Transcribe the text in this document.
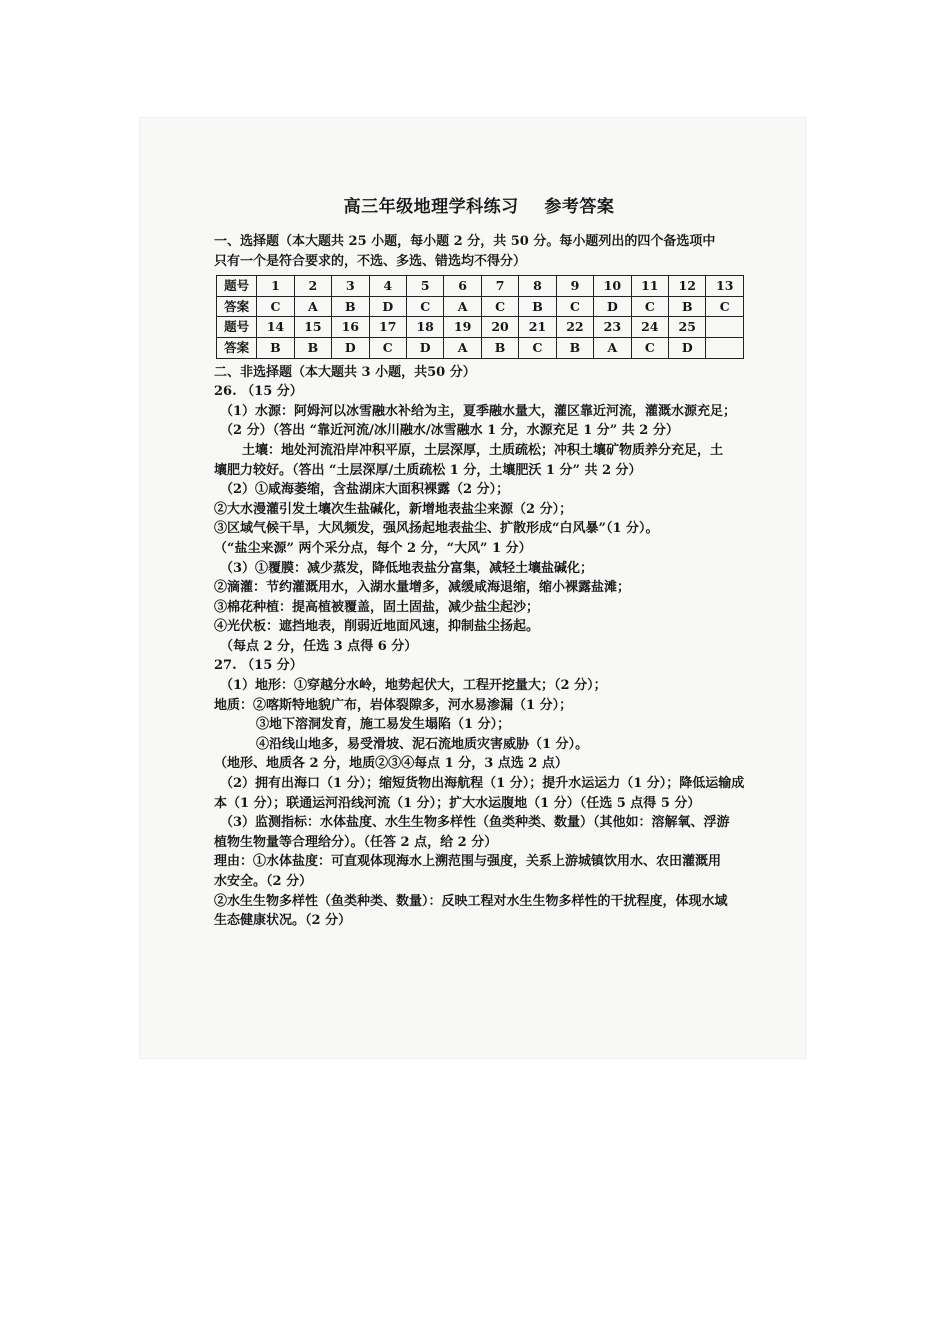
高三年级地理学科练习    参考答案

一、选择题（本大题共 25 小题，每小题 2 分，共 50 分。每小题列出的四个备选项中

只有一个是符合要求的，不选、多选、错选均不得分）

题号	1	2	3	4	5	6	7	8	9	10	11	12	13
答案	C	A	B	D	C	A	C	B	C	D	C	B	C
题号	14	15	16	17	18	19	20	21	22	23	24	25	
答案	B	B	D	C	D	A	B	C	B	A	C	D	

二、非选择题（本大题共 3 小题，共50 分）

26. （15 分）

（1）水源：阿姆河以冰雪融水补给为主，夏季融水量大，灌区靠近河流，灌溉水源充足；

（2 分）（答出 “靠近河流/冰川融水/冰雪融水 1 分，水源充足 1 分” 共 2 分）

土壤：地处河流沿岸冲积平原，土层深厚，土质疏松；冲积土壤矿物质养分充足，土

壤肥力较好。（答出 “土层深厚/土质疏松 1 分，土壤肥沃 1 分” 共 2 分）

（2）①咸海萎缩，含盐湖床大面积裸露（2 分）；

②大水漫灌引发土壤次生盐碱化，新增地表盐尘来源（2 分）；

③区域气候干旱，大风频发，强风扬起地表盐尘、扩散形成“白风暴”（1 分）。

（“盐尘来源” 两个采分点，每个 2 分，“大风” 1 分）

（3）①覆膜：减少蒸发，降低地表盐分富集，减轻土壤盐碱化；

②滴灌：节约灌溉用水，入湖水量增多，减缓咸海退缩，缩小裸露盐滩；

③棉花种植：提高植被覆盖，固土固盐，减少盐尘起沙；

④光伏板：遮挡地表，削弱近地面风速，抑制盐尘扬起。

（每点 2 分，任选 3 点得 6 分）

27. （15 分）

（1）地形：①穿越分水岭，地势起伏大，工程开挖量大；（2 分）；

地质：②喀斯特地貌广布，岩体裂隙多，河水易渗漏（1 分）；

③地下溶洞发育，施工易发生塌陷（1 分）；

④沿线山地多，易受滑坡、泥石流地质灾害威胁（1 分）。

（地形、地质各 2 分，地质②③④每点 1 分，3 点选 2 点）

（2）拥有出海口（1 分）；缩短货物出海航程（1 分）；提升水运运力（1 分）；降低运输成

本（1 分）；联通运河沿线河流（1 分）；扩大水运腹地（1 分）（任选 5 点得 5 分）

（3）监测指标：水体盐度、水生生物多样性（鱼类种类、数量）（其他如：溶解氧、浮游

植物生物量等合理给分）。（任答 2 点，给 2 分）

理由：①水体盐度：可直观体现海水上溯范围与强度，关系上游城镇饮用水、农田灌溉用

水安全。（2 分）

②水生生物多样性（鱼类种类、数量）：反映工程对水生生物多样性的干扰程度，体现水域

生态健康状况。（2 分）
